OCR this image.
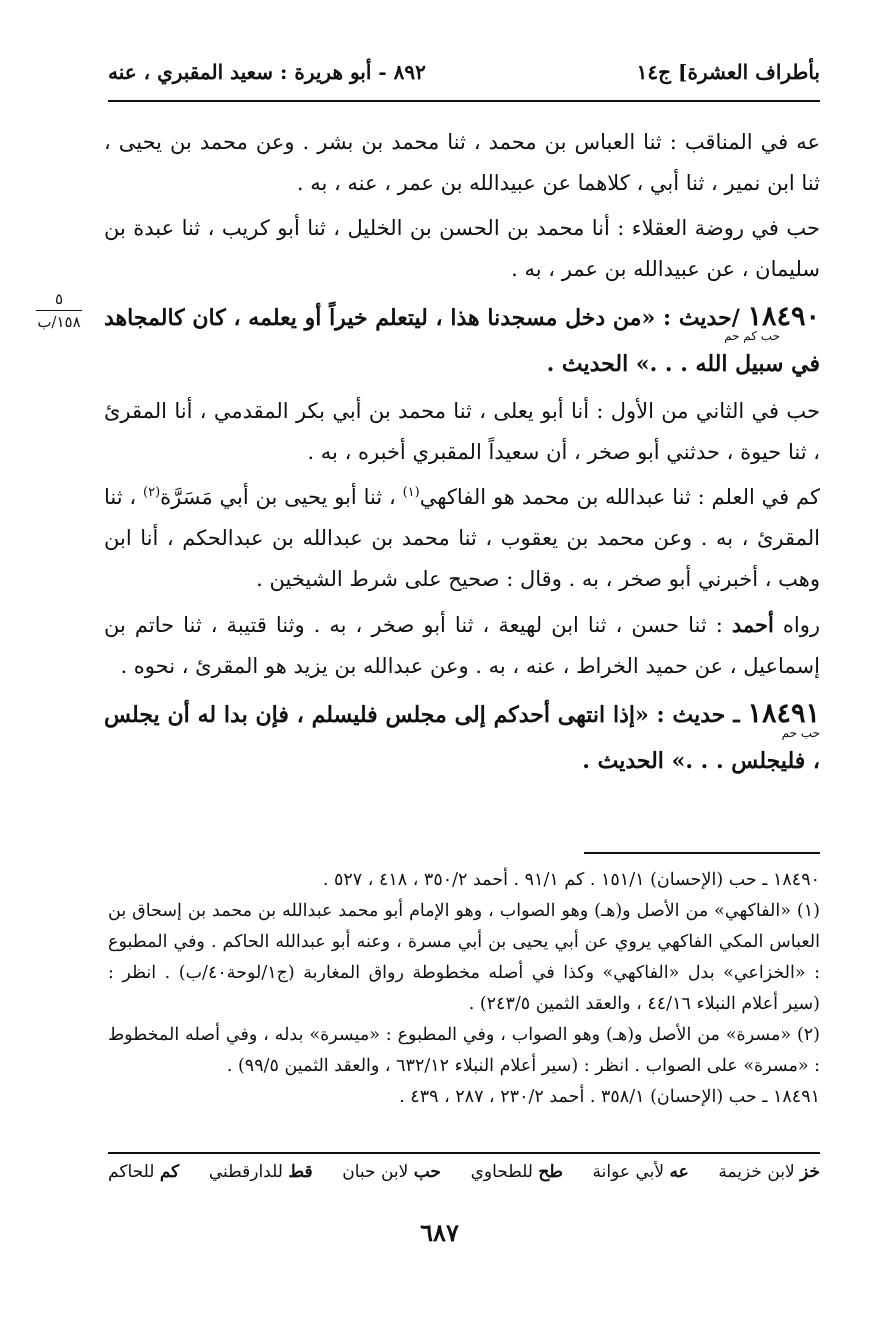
بأطراف العشرة] ج١٤
٨٩٢ - أبو هريرة : سعيد المقبري ، عنه
٥
١٥٨/ب

عه في المناقب : ثنا العباس بن محمد ، ثنا محمد بن بشر . وعن محمد بن يحيى ، ثنا ابن نمير ، ثنا أبي ، كلاهما عن عبيدالله بن عمر ، عنه ، به .

حب في روضة العقلاء : أنا محمد بن الحسن بن الخليل ، ثنا أبو كريب ، ثنا عبدة بن سليمان ، عن عبيدالله بن عمر ، به .

١٨٤٩٠ /حديث : «من دخل مسجدنا هذا ، ليتعلم خيراً أو يعلمه ، كان كالمجاهد في سبيل الله . . .» الحديث .
حب كم حم

حب في الثاني من الأول : أنا أبو يعلى ، ثنا محمد بن أبي بكر المقدمي ، أنا المقرئ ، ثنا حيوة ، حدثني أبو صخر ، أن سعيداً المقبري أخبره ، به .

كم في العلم : ثنا عبدالله بن محمد هو الفاكهي$^{(١)}$ ، ثنا أبو يحيى بن أبي مَسَرَّة$^{(٢)}$ ، ثنا المقرئ ، به . وعن محمد بن يعقوب ، ثنا محمد بن عبدالله بن عبدالحكم ، أنا ابن وهب ، أخبرني أبو صخر ، به . وقال : صحيح على شرط الشيخين .

رواه أحمد : ثنا حسن ، ثنا ابن لهيعة ، ثنا أبو صخر ، به . وثنا قتيبة ، ثنا حاتم بن إسماعيل ، عن حميد الخراط ، عنه ، به . وعن عبدالله بن يزيد هو المقرئ ، نحوه .

١٨٤٩١ ـ حديث : «إذا انتهى أحدكم إلى مجلس فليسلم ، فإن بدا له أن يجلس ، فليجلس . . .» الحديث .
حب حم

١٨٤٩٠ ـ حب (الإحسان) ١٥١/١ . كم ٩١/١ . أحمد ٣٥٠/٢ ، ٤١٨ ، ٥٢٧ .

(١) «الفاكهي» من الأصل و(هـ) وهو الصواب ، وهو الإمام أبو محمد عبدالله بن محمد بن إسحاق بن العباس المكي الفاكهي يروي عن أبي يحيى بن أبي مسرة ، وعنه أبو عبدالله الحاكم . وفي المطبوع : «الخزاعي» بدل «الفاكهي» وكذا في أصله مخطوطة رواق المغاربة (ج١/لوحة٤٠/ب) . انظر : (سير أعلام النبلاء ٤٤/١٦ ، والعقد الثمين ٢٤٣/٥) .

(٢) «مسرة» من الأصل و(هـ) وهو الصواب ، وفي المطبوع : «ميسرة» بدله ، وفي أصله المخطوط : «مسرة» على الصواب . انظر : (سير أعلام النبلاء ٦٣٢/١٢ ، والعقد الثمين ٩٩/٥) .

١٨٤٩١ ـ حب (الإحسان) ٣٥٨/١ . أحمد ٢٣٠/٢ ، ٢٨٧ ، ٤٣٩ .

خز لابن خزيمة
عه لأبي عوانة
طح للطحاوي
حب لابن حبان
قط للدارقطني
كم للحاكم
٦٨٧
